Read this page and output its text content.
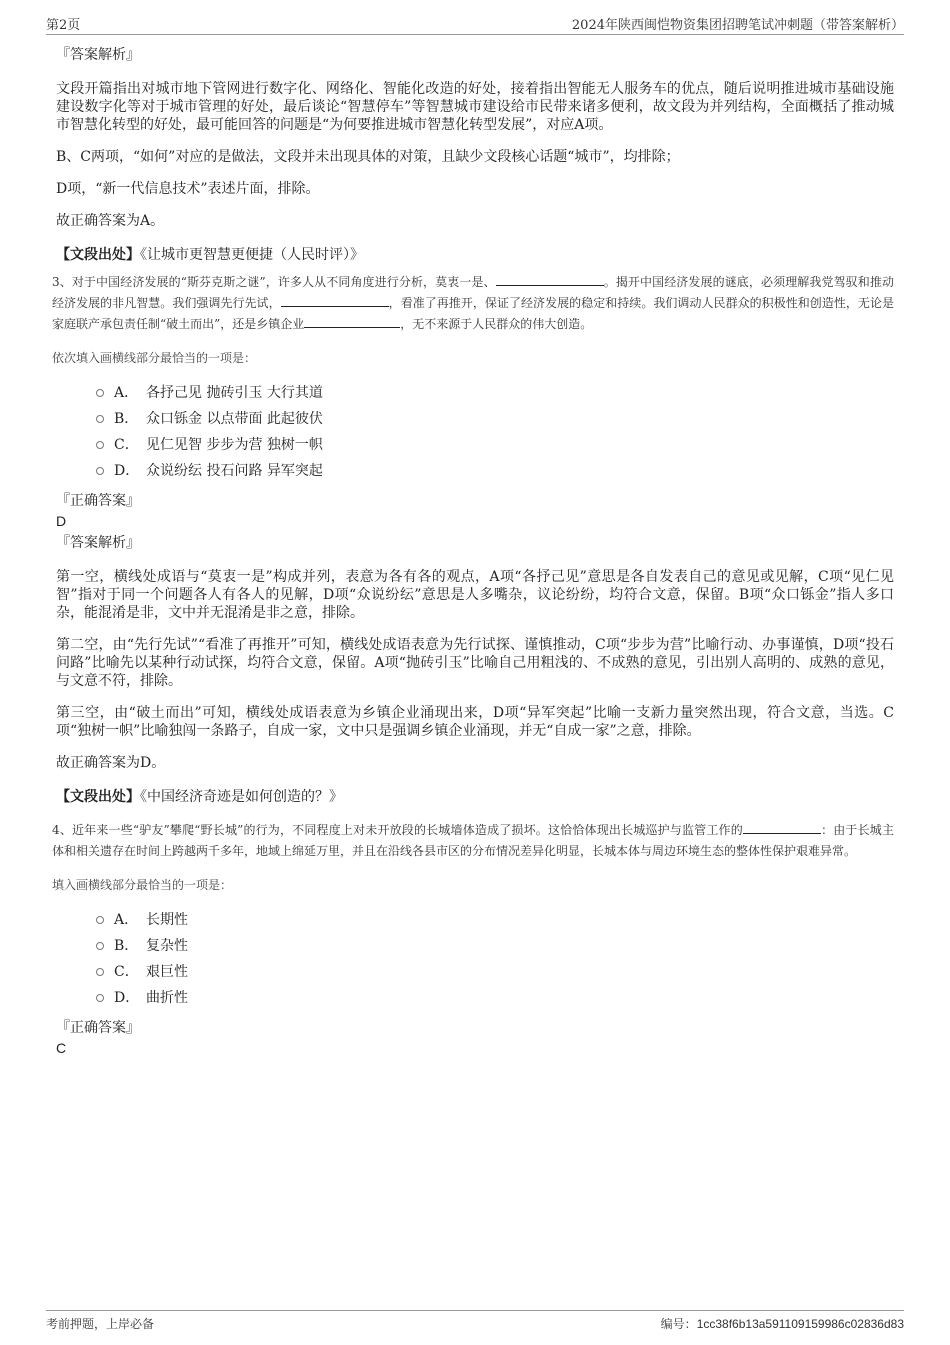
第2页	2024年陕西闽恺物资集团招聘笔试冲刺题（带答案解析）

『答案解析』

文段开篇指出对城市地下管网进行数字化、网络化、智能化改造的好处，接着指出智能无人服务车的优点，随后说明推进城市基础设施建设数字化等对于城市管理的好处，最后谈论“智慧停车”等智慧城市建设给市民带来诸多便利，故文段为并列结构，全面概括了推动城市智慧化转型的好处，最可能回答的问题是“为何要推进城市智慧化转型发展”，对应A项。

B、C两项，“如何”对应的是做法，文段并未出现具体的对策，且缺少文段核心话题“城市”，均排除；

D项，“新一代信息技术”表述片面，排除。

故正确答案为A。

【文段出处】《让城市更智慧更便捷（人民时评）》

3、对于中国经济发展的“斯芬克斯之谜”，许多人从不同角度进行分析，莫衷一是、	。揭开中国经济发展的谜底，必须理解我党驾驭和推动经济发展的非凡智慧。我们强调先行先试，	，看准了再推开，保证了经济发展的稳定和持续。我们调动人民群众的积极性和创造性，无论是家庭联产承包责任制“破土而出”，还是乡镇企业	，无不来源于人民群众的伟大创造。

依次填入画横线部分最恰当的一项是：

A． 各抒己见 抛砖引玉 大行其道
B． 众口铄金 以点带面 此起彼伏
C． 见仁见智 步步为营 独树一帜
D． 众说纷纭 投石问路 异军突起

『正确答案』

D

『答案解析』

第一空，横线处成语与“莫衷一是”构成并列，表意为各有各的观点，A项“各抒己见”意思是各自发表自己的意见或见解，C项“见仁见智”指对于同一个问题各人有各人的见解，D项“众说纷纭”意思是人多嘴杂，议论纷纷，均符合文意，保留。B项“众口铄金”指人多口杂，能混淆是非，文中并无混淆是非之意，排除。

第二空，由“先行先试”“看准了再推开”可知，横线处成语表意为先行试探、谨慎推动，C项“步步为营”比喻行动、办事谨慎，D项“投石问路”比喻先以某种行动试探，均符合文意，保留。A项“抛砖引玉”比喻自己用粗浅的、不成熟的意见，引出别人高明的、成熟的意见，与文意不符，排除。

第三空，由“破土而出”可知，横线处成语表意为乡镇企业涌现出来，D项“异军突起”比喻一支新力量突然出现，符合文意，当选。C项“独树一帜”比喻独闯一条路子，自成一家，文中只是强调乡镇企业涌现，并无“自成一家”之意，排除。

故正确答案为D。

【文段出处】《中国经济奇迹是如何创造的？》

4、近年来一些“驴友”攀爬“野长城”的行为，不同程度上对未开放段的长城墙体造成了损坏。这恰恰体现出长城巡护与监管工作的	：由于长城主体和相关遗存在时间上跨越两千多年，地域上绵延万里，并且在沿线各县市区的分布情况差异化明显，长城本体与周边环境生态的整体性保护艰难异常。

填入画横线部分最恰当的一项是：

A． 长期性
B． 复杂性
C． 艰巨性
D． 曲折性

『正确答案』

C

考前押题，上岸必备	编号：1cc38f6b13a591109159986c02836d83
